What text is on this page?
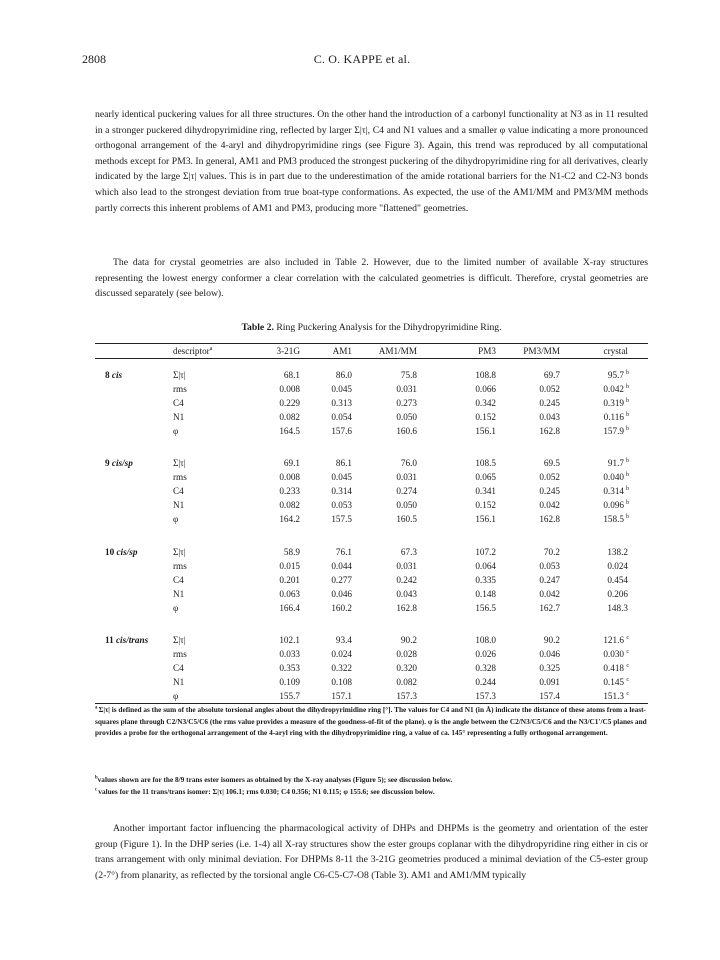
2808	C. O. KAPPE et al.

nearly identical puckering values for all three structures. On the other hand the introduction of a carbonyl functionality at N3 as in 11 resulted in a stronger puckered dihydropyrimidine ring, reflected by larger Σ|τ|, C4 and N1 values and a smaller φ value indicating a more pronounced orthogonal arrangement of the 4-aryl and dihydropyrimidine rings (see Figure 3). Again, this trend was reproduced by all computational methods except for PM3. In general, AM1 and PM3 produced the strongest puckering of the dihydropyrimidine ring for all derivatives, clearly indicated by the large Σ|τ| values. This is in part due to the underestimation of the amide rotational barriers for the N1-C2 and C2-N3 bonds which also lead to the strongest deviation from true boat-type conformations. As expected, the use of the AM1/MM and PM3/MM methods partly corrects this inherent problems of AM1 and PM3, producing more "flattened" geometries.

The data for crystal geometries are also included in Table 2. However, due to the limited number of available X-ray structures representing the lowest energy conformer a clear correlation with the calculated geometries is difficult. Therefore, crystal geometries are discussed separately (see below).

Table 2. Ring Puckering Analysis for the Dihydropyrimidine Ring.

Another important factor influencing the pharmacological activity of DHPs and DHPMs is the geometry and orientation of the ester group (Figure 1). In the DHP series (i.e. 1-4) all X-ray structures show the ester groups coplanar with the dihydropyridine ring either in cis or trans arrangement with only minimal deviation. For DHPMs 8-11 the 3-21G geometries produced a minimal deviation of the C5-ester group (2-7°) from planarity, as reflected by the torsional angle C6-C5-C7-O8 (Table 3). AM1 and AM1/MM typically

descriptor$^a$	3-21G	AM1	AM1/MM	PM3	PM3/MM	crystal
8 cis	Σ|τ|	68.1	86.0	75.8	108.8	69.7	95.7 b
rms	0.008	0.045	0.031	0.066	0.052	0.042 b
C4	0.229	0.313	0.273	0.342	0.245	0.319 b
N1	0.082	0.054	0.050	0.152	0.043	0.116 b
φ	164.5	157.6	160.6	156.1	162.8	157.9 b
9 cis/sp	Σ|τ|	69.1	86.1	76.0	108.5	69.5	91.7 b
rms	0.008	0.045	0.031	0.065	0.052	0.040 b
C4	0.233	0.314	0.274	0.341	0.245	0.314 b
N1	0.082	0.053	0.050	0.152	0.042	0.096 b
φ	164.2	157.5	160.5	156.1	162.8	158.5 b
10 cis/sp	Σ|τ|	58.9	76.1	67.3	107.2	70.2	138.2
rms	0.015	0.044	0.031	0.064	0.053	0.024
C4	0.201	0.277	0.242	0.335	0.247	0.454
N1	0.063	0.046	0.043	0.148	0.042	0.206
φ	166.4	160.2	162.8	156.5	162.7	148.3
11 cis/trans	Σ|τ|	102.1	93.4	90.2	108.0	90.2	121.6 c
rms	0.033	0.024	0.028	0.026	0.046	0.030 c
C4	0.353	0.322	0.320	0.328	0.325	0.418 c
N1	0.109	0.108	0.082	0.244	0.091	0.145 c
φ	155.7	157.1	157.3	157.3	157.4	151.3 c
$^a$ Σ|τ| is defined as the sum of the absolute torsional angles about the dihydropyrimidine ring [°]. The values for C4 and N1 (in Å) indicate the distance of these atoms from a least-squares plane through C2/N3/C5/C6 (the rms value provides a measure of the goodness-of-fit of the plane). φ is the angle between the C2/N3/C5/C6 and the N3/C1'/C5 planes and provides a probe for the orthogonal arrangement of the 4-aryl ring with the dihydropyrimidine ring, a value of ca. 145° representing a fully orthogonal arrangement.
$^b$values shown are for the 8/9 trans ester isomers as obtained by the X-ray analyses (Figure 5); see discussion below.
$^c$ values for the 11 trans/trans isomer: Σ|τ| 106.1; rms 0.030; C4 0.356; N1 0.115; φ 155.6; see discussion below.
